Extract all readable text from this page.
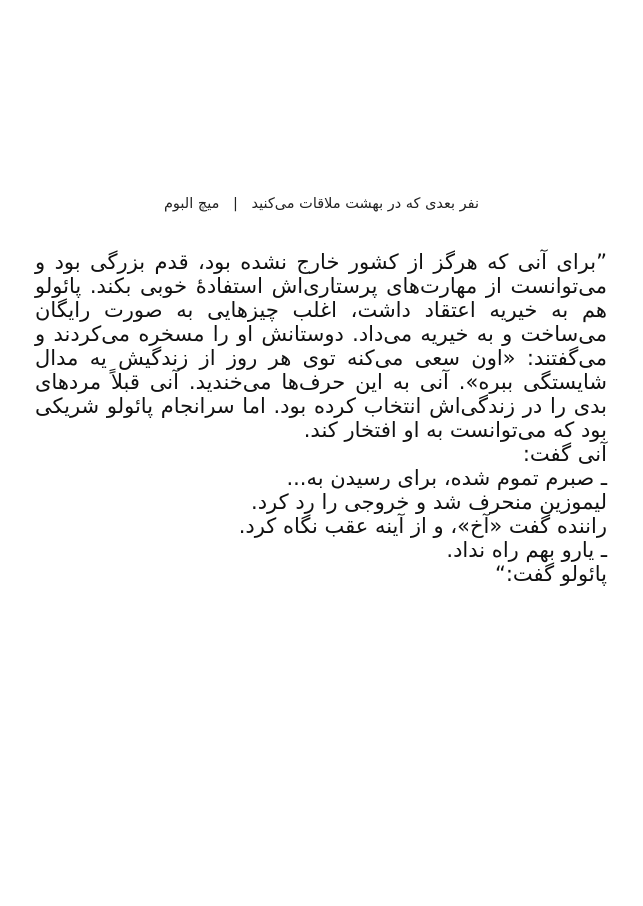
نفر بعدی که در بهشت ملاقات می‌کنید | میچ البوم

”برای آنی که هرگز از کشور خارج نشده بود، قدم بزرگی بود و می‌توانست از مهارت‌های پرستاری‌اش استفادهٔ خوبی بکند. پائولو هم به خیریه اعتقاد داشت، اغلب چیزهایی به صورت رایگان می‌ساخت و به خیریه می‌داد. دوستانش او را مسخره می‌کردند و می‌گفتند: «اون سعی می‌کنه توی هر روز از زندگیش یه مدال شایستگی ببره». آنی به این حرف‌ها می‌خندید. آنی قبلاً مردهای بدی را در زندگی‌اش انتخاب کرده بود. اما سرانجام پائولو شریکی بود که می‌توانست به او افتخار کند.

آنی گفت:
ـ صبرم تموم شده، برای رسیدن به...
لیموزین منحرف شد و خروجی را رد کرد.
راننده گفت «آخ»، و از آینه عقب نگاه کرد.
ـ یارو بهم راه نداد.
پائولو گفت:“
